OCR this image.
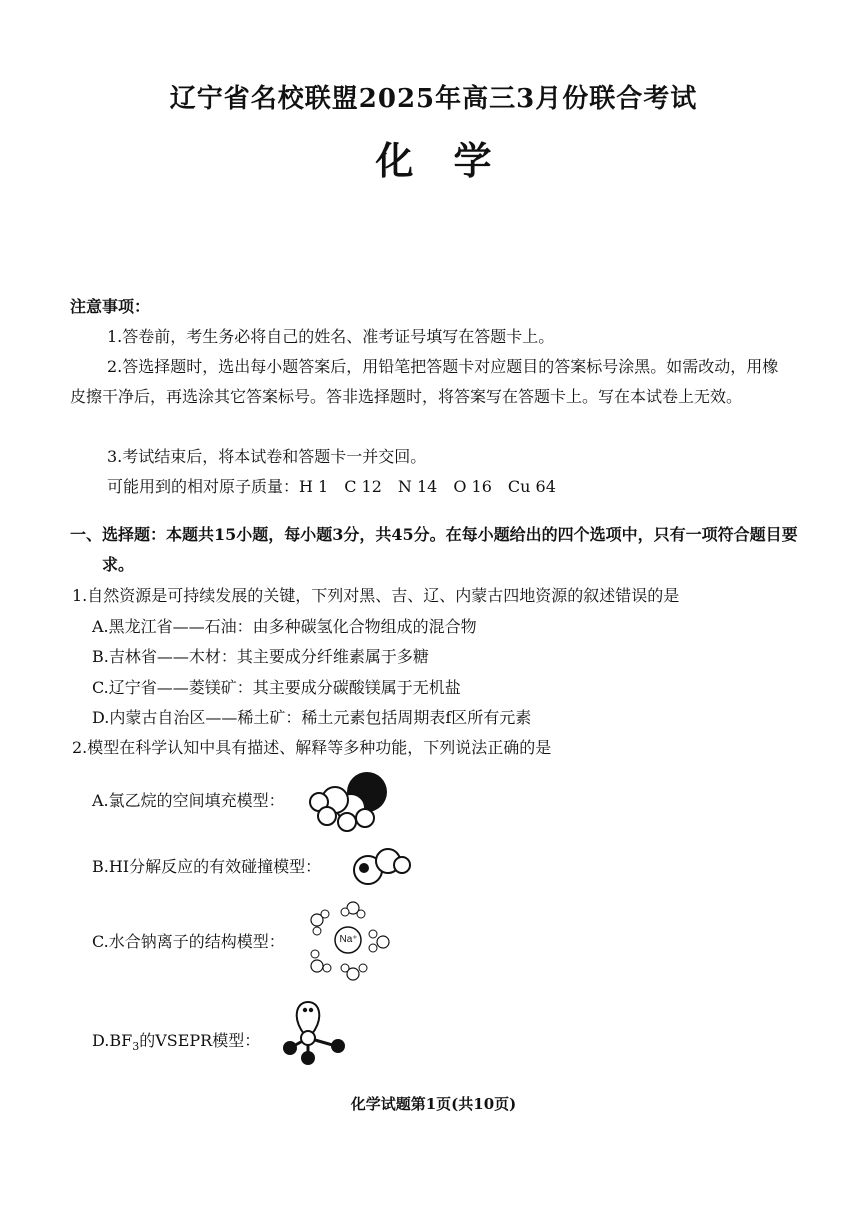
辽宁省名校联盟2025年高三3月份联合考试
化学
注意事项：

1.答卷前，考生务必将自己的姓名、准考证号填写在答题卡上。

2.答选择题时，选出每小题答案后，用铅笔把答题卡对应题目的答案标号涂黑。如需改动，用橡皮擦干净后，再选涂其它答案标号。答非选择题时，将答案写在答题卡上。写在本试卷上无效。

3.考试结束后，将本试卷和答题卡一并交回。

可能用到的相对原子质量：H 1　C 12　N 14　O 16　Cu 64
一、选择题：本题共15小题，每小题3分，共45分。在每小题给出的四个选项中，只有一项符合题目要求。
1.自然资源是可持续发展的关键，下列对黑、吉、辽、内蒙古四地资源的叙述错误的是
A.黑龙江省——石油：由多种碳氢化合物组成的混合物
B.吉林省——木材：其主要成分纤维素属于多糖
C.辽宁省——菱镁矿：其主要成分碳酸镁属于无机盐
D.内蒙古自治区——稀土矿：稀土元素包括周期表f区所有元素
2.模型在科学认知中具有描述、解释等多种功能，下列说法正确的是
A.氯乙烷的空间填充模型：
B.HI分解反应的有效碰撞模型：
C.水合钠离子的结构模型：	Na⁺
$D.BF_3$的VSEPR模型：
化学试题第1页(共10页)
